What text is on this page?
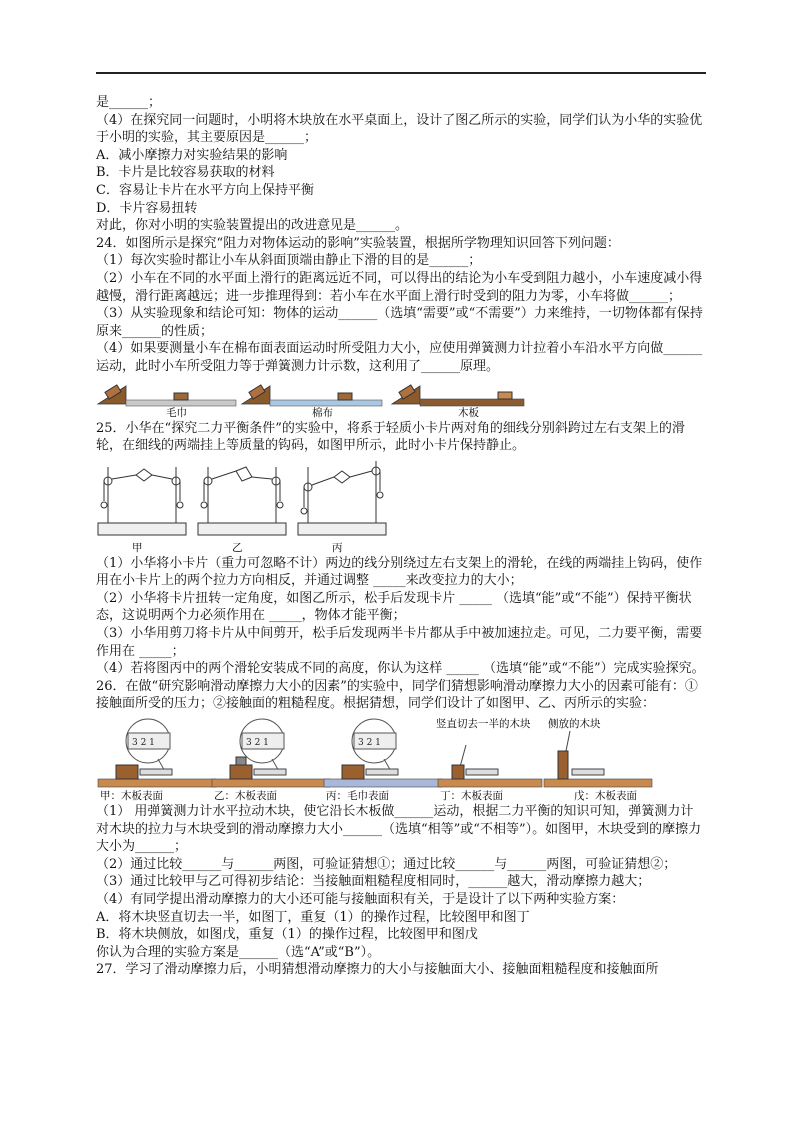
是______；

（4）在探究同一问题时，小明将木块放在水平桌面上，设计了图乙所示的实验，同学们认为小华的实验优于小明的实验，其主要原因是______；

A．减小摩擦力对实验结果的影响

B．卡片是比较容易获取的材料

C．容易让卡片在水平方向上保持平衡

D．卡片容易扭转

对此，你对小明的实验装置提出的改进意见是______。

24．如图所示是探究“阻力对物体运动的影响”实验装置，根据所学物理知识回答下列问题：

（1）每次实验时都让小车从斜面顶端由静止下滑的目的是______；

（2）小车在不同的水平面上滑行的距离远近不同，可以得出的结论为小车受到阻力越小，小车速度减小得越慢，滑行距离越远；进一步推理得到：若小车在水平面上滑行时受到的阻力为零，小车将做______；

（3）从实验现象和结论可知：物体的运动______（选填“需要”或“不需要”）力来维持，一切物体都有保持原来______的性质；

（4）如果要测量小车在棉布面表面运动时所受阻力大小，应使用弹簧测力计拉着小车沿水平方向做______运动，此时小车所受阻力等于弹簧测力计示数，这利用了______原理。

毛巾	棉布	木板

25．小华在“探究二力平衡条件”的实验中，将系于轻质小卡片两对角的细线分别斜跨过左右支架上的滑轮，在细线的两端挂上等质量的钩码，如图甲所示，此时小卡片保持静止。

甲	乙	丙

（1）小华将小卡片（重力可忽略不计）两边的线分别绕过左右支架上的滑轮，在线的两端挂上钩码，使作用在小卡片上的两个拉力方向相反，并通过调整 _____来改变拉力的大小；

（2）小华将卡片扭转一定角度，如图乙所示，松手后发现卡片 _____ （选填“能”或“不能”）保持平衡状态，这说明两个力必须作用在 _____，物体才能平衡；

（3）小华用剪刀将卡片从中间剪开，松手后发现两半卡片都从手中被加速拉走。可见，二力要平衡，需要作用在 _____；

（4）若将图丙中的两个滑轮安装成不同的高度，你认为这样 _____ （选填“能”或“不能”）完成实验探究。

26．在做“研究影响滑动摩擦力大小的因素”的实验中，同学们猜想影响滑动摩擦力大小的因素可能有：①接触面所受的压力；②接触面的粗糙程度。根据猜想，同学们设计了如图甲、乙、丙所示的实验：

3 2 1
甲：木板表面
3 2 1
乙：木板表面
3 2 1
丙：毛巾表面
竖直切去一半的木块
丁：木板表面
侧放的木块
戊：木板表面

（1） 用弹簧测力计水平拉动木块，使它沿长木板做______运动，根据二力平衡的知识可知，弹簧测力计对木块的拉力与木块受到的滑动摩擦力大小______（选填“相等”或“不相等”）。如图甲，木块受到的摩擦力大小为______；

（2）通过比较______与______两图，可验证猜想①；通过比较______与______两图，可验证猜想②；

（3）通过比较甲与乙可得初步结论：当接触面粗糙程度相同时，______越大，滑动摩擦力越大；

（4）有同学提出滑动摩擦力的大小还可能与接触面积有关，于是设计了以下两种实验方案：

A．将木块竖直切去一半，如图丁，重复（1）的操作过程，比较图甲和图丁

B．将木块侧放，如图戊，重复（1）的操作过程，比较图甲和图戊

你认为合理的实验方案是______（选“A”或“B”）。

27．学习了滑动摩擦力后，小明猜想滑动摩擦力的大小与接触面大小、接触面粗糙程度和接触面所
